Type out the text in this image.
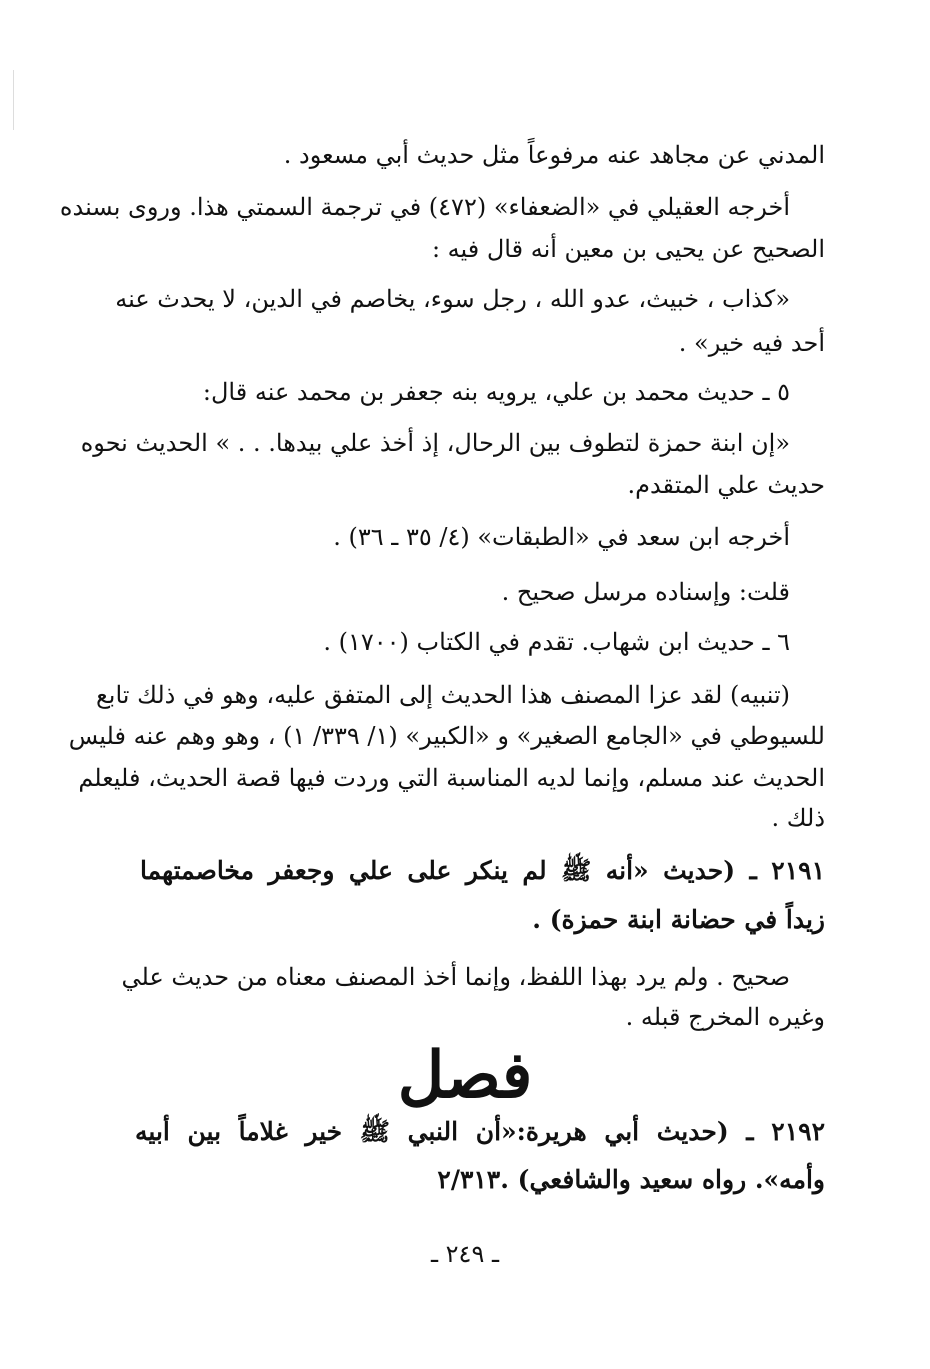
المدني عن مجاهد عنه مرفوعاً مثل حديث أبي مسعود .
أخرجه العقيلي في «الضعفاء» (٤٧٢) في ترجمة السمتي هذا. وروى بسنده
الصحيح عن يحيى بن معين أنه قال فيه :
«كذاب ، خبيث، عدو الله ، رجل سوء، يخاصم في الدين، لا يحدث عنه
أحد فيه خير» .
٥ ـ حديث محمد بن علي، يرويه بنه جعفر بن محمد عنه قال:
«إن ابنة حمزة لتطوف بين الرحال، إذ أخذ علي بيدها. . . » الحديث نحوه
حديث علي المتقدم.
أخرجه ابن سعد في «الطبقات» (٤/ ٣٥ ـ ٣٦) .
قلت: وإسناده مرسل صحيح .
٦ ـ حديث ابن شهاب. تقدم في الكتاب (١٧٠٠) .
(تنبيه) لقد عزا المصنف هذا الحديث إلى المتفق عليه، وهو في ذلك تابع
للسيوطي في «الجامع الصغير» و «الكبير» (١/ ٣٣٩/ ١) ، وهو وهم عنه فليس
الحديث عند مسلم، وإنما لديه المناسبة التي وردت فيها قصة الحديث، فليعلم
ذلك .
٢١٩١ ـ (حديث «أنه ﷺ لم ينكر على علي وجعفر مخاصمتهما
زيداً في حضانة ابنة حمزة) .
صحيح . ولم يرد بهذا اللفظ، وإنما أخذ المصنف معناه من حديث علي
وغيره المخرج قبله .
فصل
٢١٩٢ ـ (حديث أبي هريرة:«أن النبي ﷺ خير غلاماً بين أبيه
وأمه». رواه سعيد والشافعي) .٢/٣١٣
ـ ٢٤٩ ـ
